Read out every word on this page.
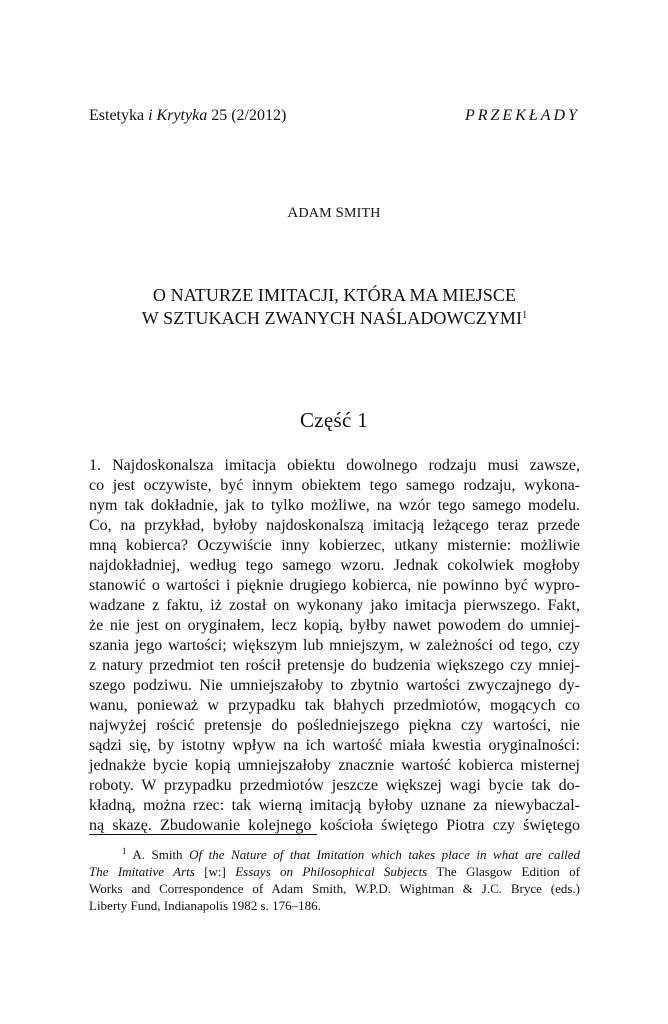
Estetyka i Krytyka 25 (2/2012)	PRZEKŁADY
ADAM SMITH
O NATURZE IMITACJI, KTÓRA MA MIEJSCE
W SZTUKACH ZWANYCH NAŚLADOWCZYMI$^1$
Część 1
1. Najdoskonalsza imitacja obiektu dowolnego rodzaju musi zawsze,
co jest oczywiste, być innym obiektem tego samego rodzaju, wykona-
nym tak dokładnie, jak to tylko możliwe, na wzór tego samego modelu.
Co, na przykład, byłoby najdoskonalszą imitacją leżącego teraz przede
mną kobierca? Oczywiście inny kobierzec, utkany misternie: możliwie
najdokładniej, według tego samego wzoru. Jednak cokolwiek mogłoby
stanowić o wartości i pięknie drugiego kobierca, nie powinno być wypro-
wadzane z faktu, iż został on wykonany jako imitacja pierwszego. Fakt,
że nie jest on oryginałem, lecz kopią, byłby nawet powodem do umniej-
szania jego wartości; większym lub mniejszym, w zależności od tego, czy
z natury przedmiot ten rościł pretensje do budzenia większego czy mniej-
szego podziwu. Nie umniejszałoby to zbytnio wartości zwyczajnego dy-
wanu, ponieważ w przypadku tak błahych przedmiotów, mogących co
najwyżej rościć pretensje do pośledniejszego piękna czy wartości, nie
sądzi się, by istotny wpływ na ich wartość miała kwestia oryginalności:
jednakże bycie kopią umniejszałoby znacznie wartość kobierca misternej
roboty. W przypadku przedmiotów jeszcze większej wagi bycie tak do-
kładną, można rzec: tak wierną imitacją byłoby uznane za niewybaczal-
ną skazę. Zbudowanie kolejnego kościoła świętego Piotra czy świętego
$^1$ A. Smith Of the Nature of that Imitation which takes place in what are called
The Imitative Arts [w:] Essays on Philosophical Subjects The Glasgow Edition of
Works and Correspondence of Adam Smith, W.P.D. Wightman & J.C. Bryce (eds.)
Liberty Fund, Indianapolis 1982 s. 176–186.
